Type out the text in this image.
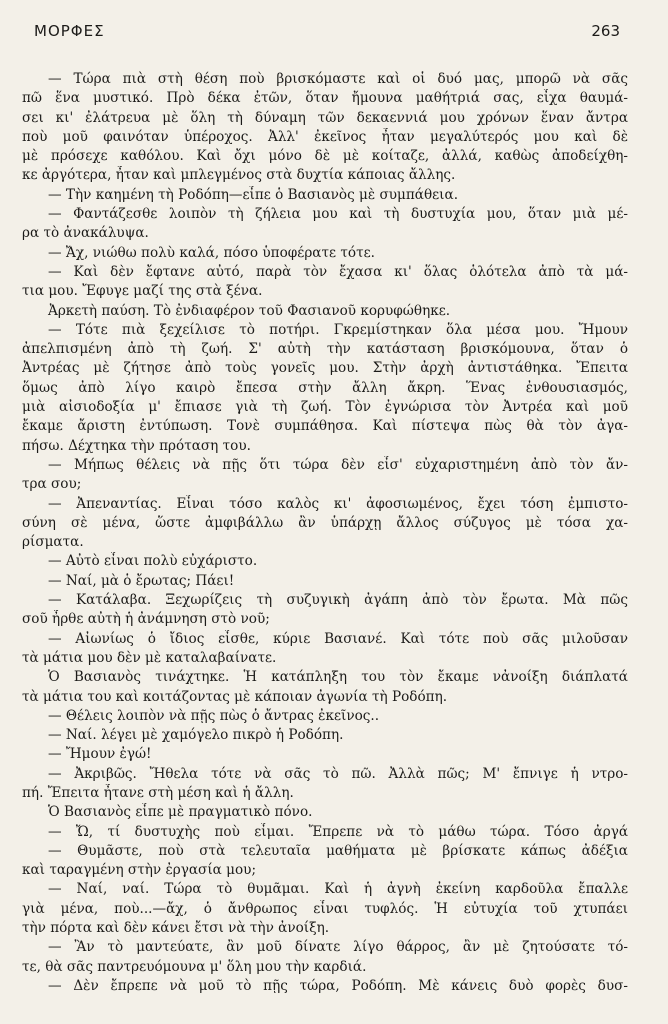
ΜΟΡΦΕΣ	263
— Τώρα πιὰ στὴ θέση ποὺ βρισκόμαστε καὶ οἱ δυό μας, μπορῶ νὰ σᾶς
πῶ ἕνα μυστικό. Πρὸ δέκα ἐτῶν, ὅταν ἤμουνα μαθήτριά σας, εἶχα θαυμά-
σει κι' ἐλάτρευα μὲ ὅλη τὴ δύναμη τῶν δεκαεννιά μου χρόνων ἕναν ἄντρα
ποὺ μοῦ φαινόταν ὑπέροχος. Ἀλλ' ἐκεῖνος ἦταν μεγαλύτερός μου καὶ δὲ
μὲ πρόσεχε καθόλου. Καὶ ὄχι μόνο δὲ μὲ κοίταζε, ἀλλά, καθὼς ἀποδείχθη-
κε ἀργότερα, ἦταν καὶ μπλεγμένος στὰ δυχτία κάποιας ἄλλης.
— Τὴν καημένη τὴ Ροδόπη—εἶπε ὁ Βασιανὸς μὲ συμπάθεια.
— Φαντάζεσθε λοιπὸν τὴ ζήλεια μου καὶ τὴ δυστυχία μου, ὅταν μιὰ μέ-
ρα τὸ ἀνακάλυψα.
— Ἄχ, νιώθω πολὺ καλά, πόσο ὑποφέρατε τότε.
— Καὶ δὲν ἔφτανε αὐτό, παρὰ τὸν ἔχασα κι' ὅλας ὁλότελα ἀπὸ τὰ μά-
τια μου. Ἔφυγε μαζί της στὰ ξένα.
Ἀρκετὴ παύση. Τὸ ἐνδιαφέρον τοῦ Φασιανοῦ κορυφώθηκε.
— Τότε πιὰ ξεχείλισε τὸ ποτήρι. Γκρεμίστηκαν ὅλα μέσα μου. Ἤμουν
ἀπελπισμένη ἀπὸ τὴ ζωή. Σ' αὐτὴ τὴν κατάσταση βρισκόμουνα, ὅταν ὁ
Ἀντρέας μὲ ζήτησε ἀπὸ τοὺς γονεῖς μου. Στὴν ἀρχὴ ἀντιστάθηκα. Ἔπειτα
ὅμως ἀπὸ λίγο καιρὸ ἔπεσα στὴν ἄλλη ἄκρη. Ἕνας ἐνθουσιασμός,
μιὰ αἰσιοδοξία μ' ἔπιασε γιὰ τὴ ζωή. Τὸν ἐγνώρισα τὸν Ἀντρέα καὶ μοῦ
ἔκαμε ἄριστη ἐντύπωση. Τονὲ συμπάθησα. Καὶ πίστεψα πὼς θὰ τὸν ἀγα-
πήσω. Δέχτηκα τὴν πρόταση του.
— Μήπως θέλεις νὰ πῇς ὅτι τώρα δὲν εἶσ' εὐχαριστημένη ἀπὸ τὸν ἄν-
τρα σου;
— Ἀπεναντίας. Εἶναι τόσο καλὸς κι' ἀφοσιωμένος, ἔχει τόση ἐμπιστο-
σύνη σὲ μένα, ὥστε ἀμφιβάλλω ἂν ὑπάρχῃ ἄλλος σύζυγος μὲ τόσα χα-
ρίσματα.
— Αὐτὸ εἶναι πολὺ εὐχάριστο.
— Ναί, μὰ ὁ ἔρωτας; Πάει!
— Κατάλαβα. Ξεχωρίζεις τὴ συζυγικὴ ἀγάπη ἀπὸ τὸν ἔρωτα. Μὰ πῶς
σοῦ ἦρθε αὐτὴ ἡ ἀνάμνηση στὸ νοῦ;
— Αἰωνίως ὁ ἴδιος εἶσθε, κύριε Βασιανέ. Καὶ τότε ποὺ σᾶς μιλοῦσαν
τὰ μάτια μου δὲν μὲ καταλαβαίνατε.
Ὁ Βασιανὸς τινάχτηκε. Ἡ κατάπληξη του τὸν ἔκαμε νἀνοίξη διάπλατά
τὰ μάτια του καὶ κοιτάζοντας μὲ κάποιαν ἀγωνία τὴ Ροδόπη.
— Θέλεις λοιπὸν νὰ πῇς πὼς ὁ ἄντρας ἐκεῖνος..
— Ναί. λέγει μὲ χαμόγελο πικρὸ ἡ Ροδόπη.
— Ἤμουν ἐγώ!
— Ἀκριβῶς. Ἤθελα τότε νὰ σᾶς τὸ πῶ. Ἀλλὰ πῶς; Μ' ἔπνιγε ἡ ντρο-
πή. Ἔπειτα ἦτανε στὴ μέση καὶ ἡ ἄλλη.
Ὁ Βασιανὸς εἶπε μὲ πραγματικὸ πόνο.
— Ὤ, τί δυστυχὴς ποὺ εἶμαι. Ἔπρεπε νὰ τὸ μάθω τώρα. Τόσο ἀργά
— Θυμᾶστε, ποὺ στὰ τελευταῖα μαθήματα μὲ βρίσκατε κάπως ἀδέξια
καὶ ταραγμένη στὴν ἐργασία μου;
— Ναί, ναί. Τώρα τὸ θυμᾶμαι. Καὶ ἡ ἀγνὴ ἐκείνη καρδοῦλα ἔπαλλε
γιὰ μένα, ποὺ...—ἄχ, ὁ ἄνθρωπος εἶναι τυφλός. Ἡ εὐτυχία τοῦ χτυπάει
τὴν πόρτα καὶ δὲν κάνει ἔτσι νὰ τὴν ἀνοίξη.
— Ἂν τὸ μαντεύατε, ἂν μοῦ δίνατε λίγο θάρρος, ἂν μὲ ζητούσατε τό-
τε, θὰ σᾶς παντρευόμουνα μ' ὅλη μου τὴν καρδιά.
— Δὲν ἔπρεπε νὰ μοῦ τὸ πῇς τώρα, Ροδόπη. Μὲ κάνεις δυὸ φορὲς δυσ-
